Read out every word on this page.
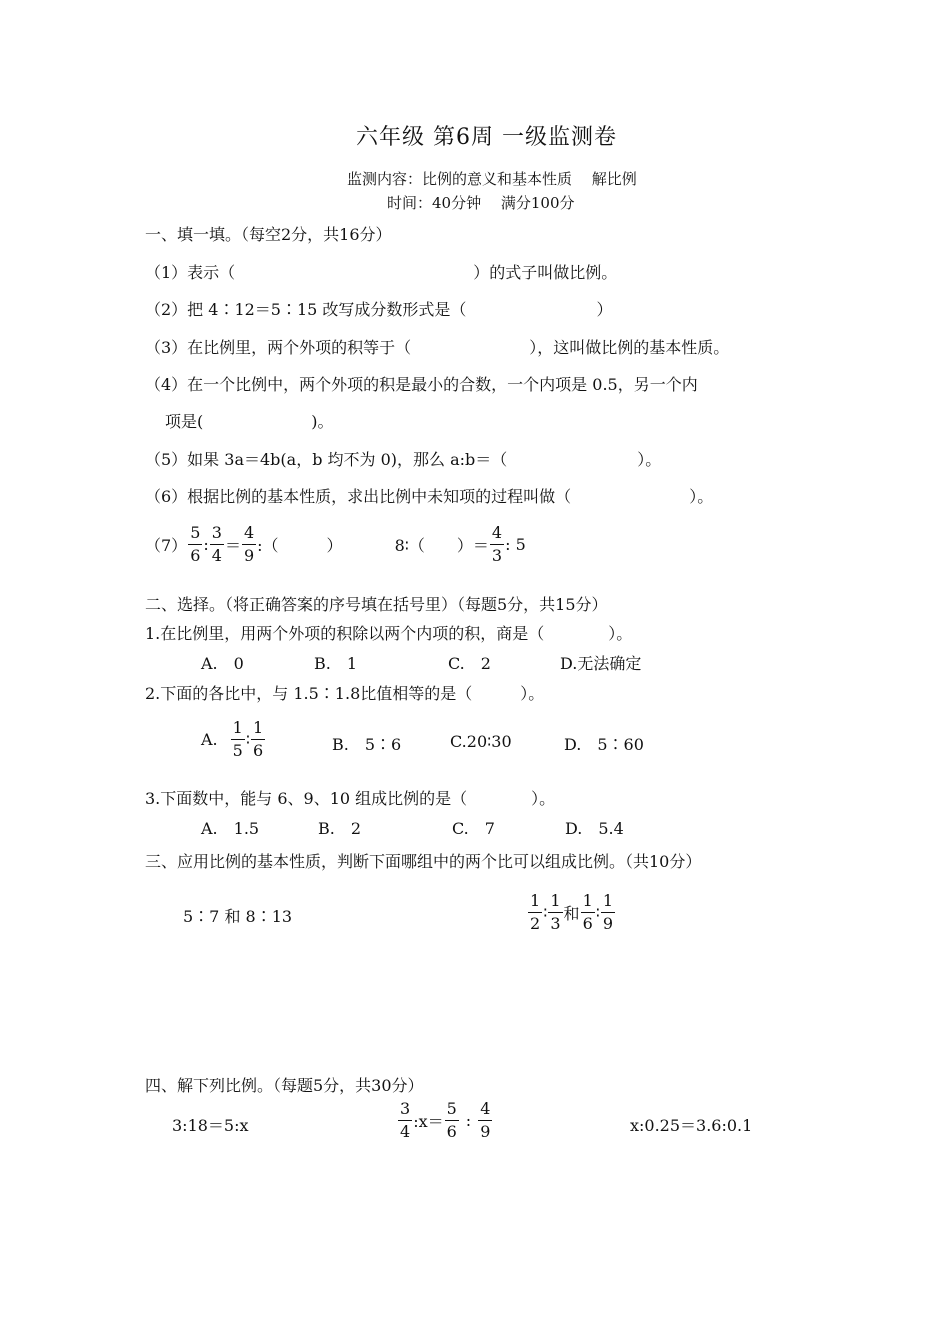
六年级 第6周 一级监测卷
监测内容：比例的意义和基本性质　 解比例
时间：40分钟　 满分100分
一、填一填。（每空2分，共16分）
（1）表示（	）的式子叫做比例。
（2）把 4∶12＝5∶15 改写成分数形式是（	）
（3）在比例里，两个外项的积等于（	），这叫做比例的基本性质。
（4）在一个比例中，两个外项的积是最小的合数，一个内项是 0.5，另一个内
项是(	)。
（5）如果 3a＝4b(a，b 均不为 0)，那么 a:b＝（	）。
（6）根据比例的基本性质，求出比例中未知项的过程叫做（	）。
$(7) \frac{5}{6}$ : $\frac{3}{4} = \frac{4}{9}$ :（　　　）	8∶（　　）＝ $\frac{4}{3}$ : 5
二、选择。（将正确答案的序号填在括号里）（每题5分，共15分）
1.在比例里，用两个外项的积除以两个内项的积，商是（　　　　）。
A.　0	B.　1	C.　2	D.无法确定
2.下面的各比中，与 1.5∶1.8比值相等的是（　　　）。
A. $\frac{1}{5}$ ∶ $\frac{1}{6}$	B.　5∶6	C.20∶30	D.　5∶60
3.下面数中，能与 6、9、10 组成比例的是（　　　　）。
A.　1.5	B.　2	C.　7	D.　5.4
三、应用比例的基本性质，判断下面哪组中的两个比可以组成比例。（共10分）
5∶7 和 8∶13	$\frac{1}{2}$ ∶ $\frac{1}{3}$ 和 $\frac{1}{6}$ ∶ $\frac{1}{9}$
四、解下列比例。（每题5分，共30分）
3:18＝5:x	$\frac{3}{4}$ :x＝ $\frac{5}{6}$ : $\frac{4}{9}$	x:0.25＝3.6:0.1
